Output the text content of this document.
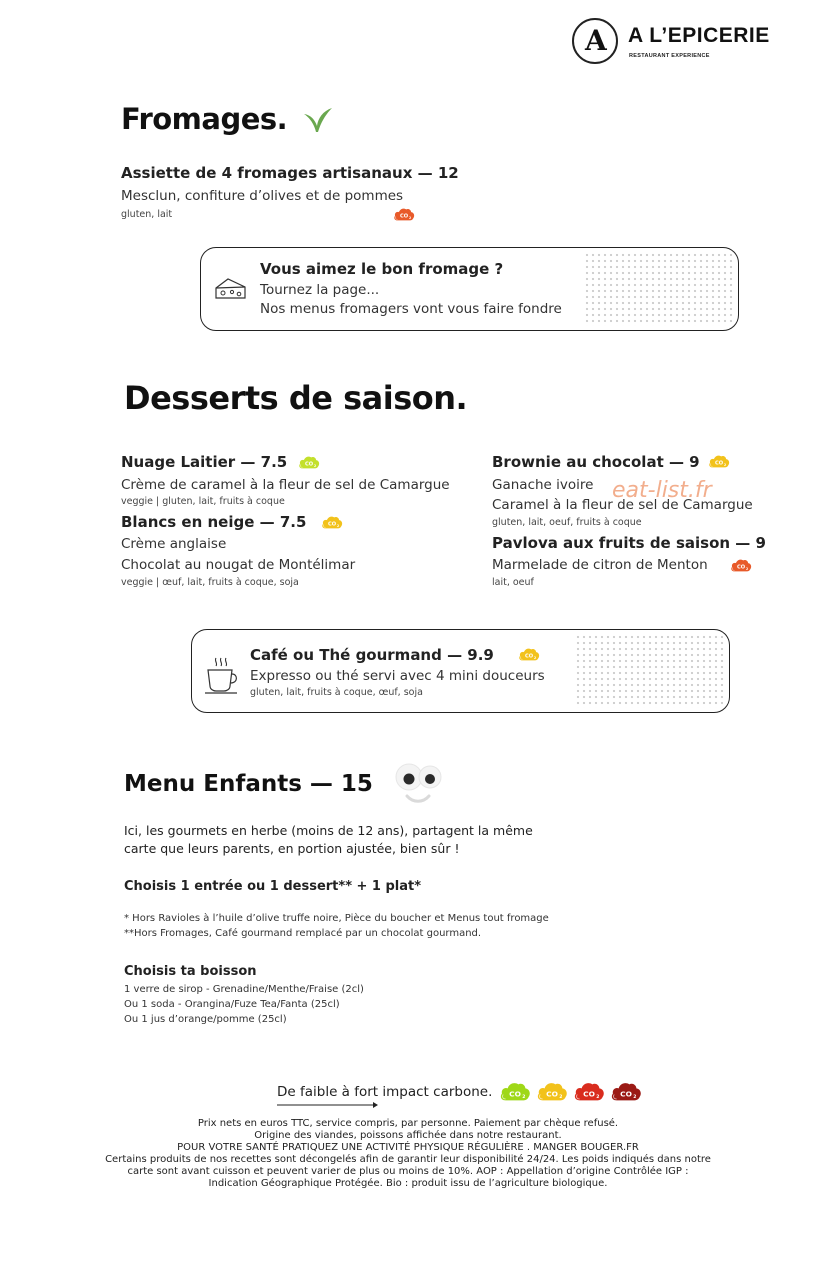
A A L’EPICERIE
RESTAURANT EXPERIENCE
Fromages.
Assiette de 4 fromages artisanaux — 12
Mesclun, confiture d’olives et de pommes
gluten, lait
Vous aimez le bon fromage ?
Tournez la page...
Nos menus fromagers vont vous faire fondre
Desserts de saison.
Nuage Laitier — 7.5
Crème de caramel à la fleur de sel de Camargue
veggie | gluten, lait, fruits à coque
Blancs en neige — 7.5
Crème anglaise
Chocolat au nougat de Montélimar
veggie | œuf, lait, fruits à coque, soja
Brownie au chocolat — 9
Ganache ivoire
Caramel à la fleur de sel de Camargue
gluten, lait, oeuf, fruits à coque
Pavlova aux fruits de saison — 9
Marmelade de citron de Menton
lait, oeuf
eat-list.fr
Café ou Thé gourmand — 9.9
Expresso ou thé servi avec 4 mini douceurs
gluten, lait, fruits à coque, œuf, soja
Menu Enfants — 15
Ici, les gourmets en herbe (moins de 12 ans), partagent la même
carte que leurs parents, en portion ajustée, bien sûr !
Choisis 1 entrée ou 1 dessert** + 1 plat*
* Hors Ravioles à l’huile d’olive truffe noire, Pièce du boucher et Menus tout fromage
**Hors Fromages, Café gourmand remplacé par un chocolat gourmand.
Choisis ta boisson
1 verre de sirop - Grenadine/Menthe/Fraise (2cl)
Ou 1 soda - Orangina/Fuze Tea/Fanta (25cl)
Ou 1 jus d’orange/pomme (25cl)
De faible à fort impact carbone.
Prix nets en euros TTC, service compris, par personne. Paiement par chèque refusé.
Origine des viandes, poissons affichée dans notre restaurant.
POUR VOTRE SANTÉ PRATIQUEZ UNE ACTIVITÉ PHYSIQUE RÉGULIÈRE . MANGER BOUGER.FR
Certains produits de nos recettes sont décongelés afin de garantir leur disponibilité 24/24. Les poids indiqués dans notre
carte sont avant cuisson et peuvent varier de plus ou moins de 10%. AOP : Appellation d’origine Contrôlée IGP :
Indication Géographique Protégée. Bio : produit issu de l’agriculture biologique.
